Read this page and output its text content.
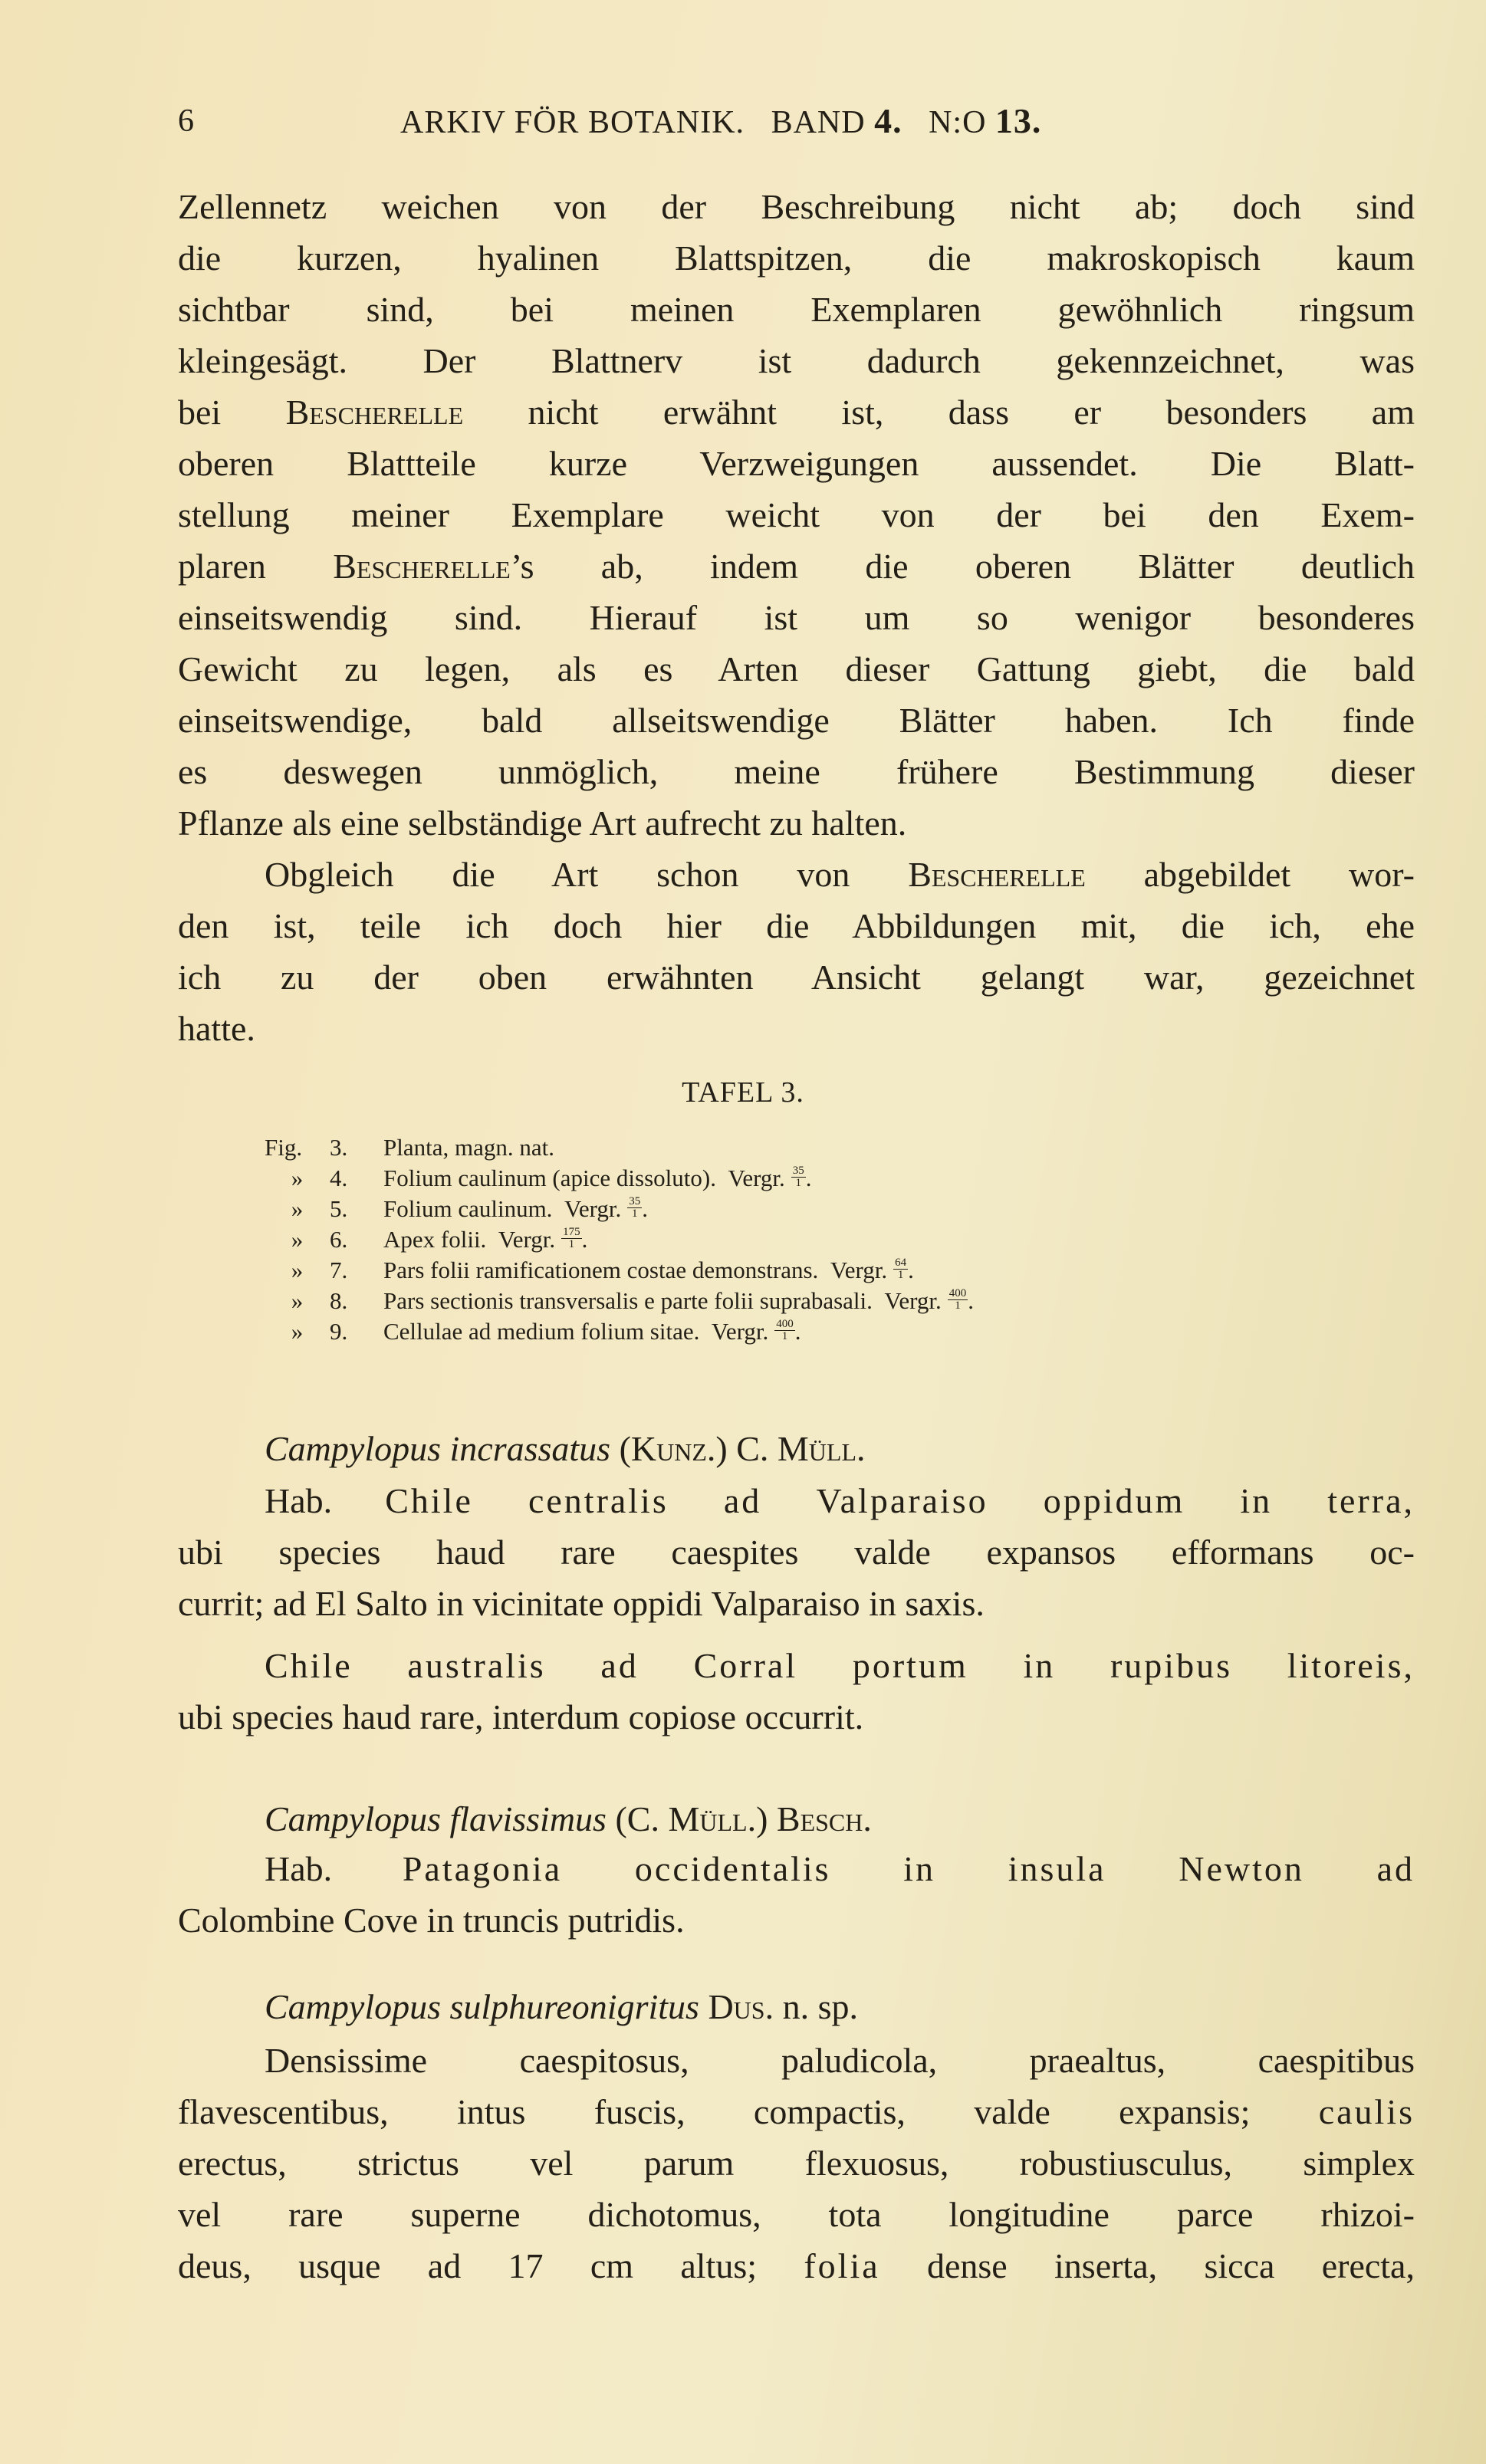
6	ARKIV FÖR BOTANIK. BAND 4. N:O 13.
Zellennetz weichen von der Beschreibung nicht ab; doch sind
die kurzen, hyalinen Blattspitzen, die makroskopisch kaum
sichtbar sind, bei meinen Exemplaren gewöhnlich ringsum
kleingesägt. Der Blattnerv ist dadurch gekennzeichnet, was
bei Bescherelle nicht erwähnt ist, dass er besonders am
oberen Blattteile kurze Verzweigungen aussendet. Die Blatt-
stellung meiner Exemplare weicht von der bei den Exem-
plaren Bescherelle’s ab, indem die oberen Blätter deutlich
einseitswendig sind. Hierauf ist um so wenigor besonderes
Gewicht zu legen, als es Arten dieser Gattung giebt, die bald
einseitswendige, bald allseitswendige Blätter haben. Ich finde
es deswegen unmöglich, meine frühere Bestimmung dieser
Pflanze als eine selbständige Art aufrecht zu halten.
Obgleich die Art schon von Bescherelle abgebildet wor-
den ist, teile ich doch hier die Abbildungen mit, die ich, ehe
ich zu der oben erwähnten Ansicht gelangt war, gezeichnet
hatte.
TAFEL 3.
Fig. 3. Planta, magn. nat.
» 4. Folium caulinum (apice dissoluto). Vergr. $\frac{35}{1}$ .
» 5. Folium caulinum. Vergr. $\frac{35}{1}$ .
» 6. Apex folii. Vergr. $\frac{175}{1}$ .
» 7. Pars folii ramificationem costae demonstrans. Vergr. $\frac{64}{1}$ .
» 8. Pars sectionis transversalis e parte folii suprabasali. Vergr. $\frac{400}{1}$ .
» 9. Cellulae ad medium folium sitae. Vergr. $\frac{400}{1}$ .
Campylopus incrassatus (Kunz.) C. Müll.
Hab. Chile centralis ad Valparaiso oppidum in terra,
ubi species haud rare caespites valde expansos efformans oc-
currit; ad El Salto in vicinitate oppidi Valparaiso in saxis.
Chile australis ad Corral portum in rupibus litoreis,
ubi species haud rare, interdum copiose occurrit.
Campylopus flavissimus (C. Müll.) Besch.
Hab. Patagonia occidentalis in insula Newton ad
Colombine Cove in truncis putridis.
Campylopus sulphureonigritus Dus. n. sp.
Densissime caespitosus, paludicola, praealtus, caespitibus
flavescentibus, intus fuscis, compactis, valde expansis; caulis
erectus, strictus vel parum flexuosus, robustiusculus, simplex
vel rare superne dichotomus, tota longitudine parce rhizoi-
deus, usque ad 17 cm altus; folia dense inserta, sicca erecta,
